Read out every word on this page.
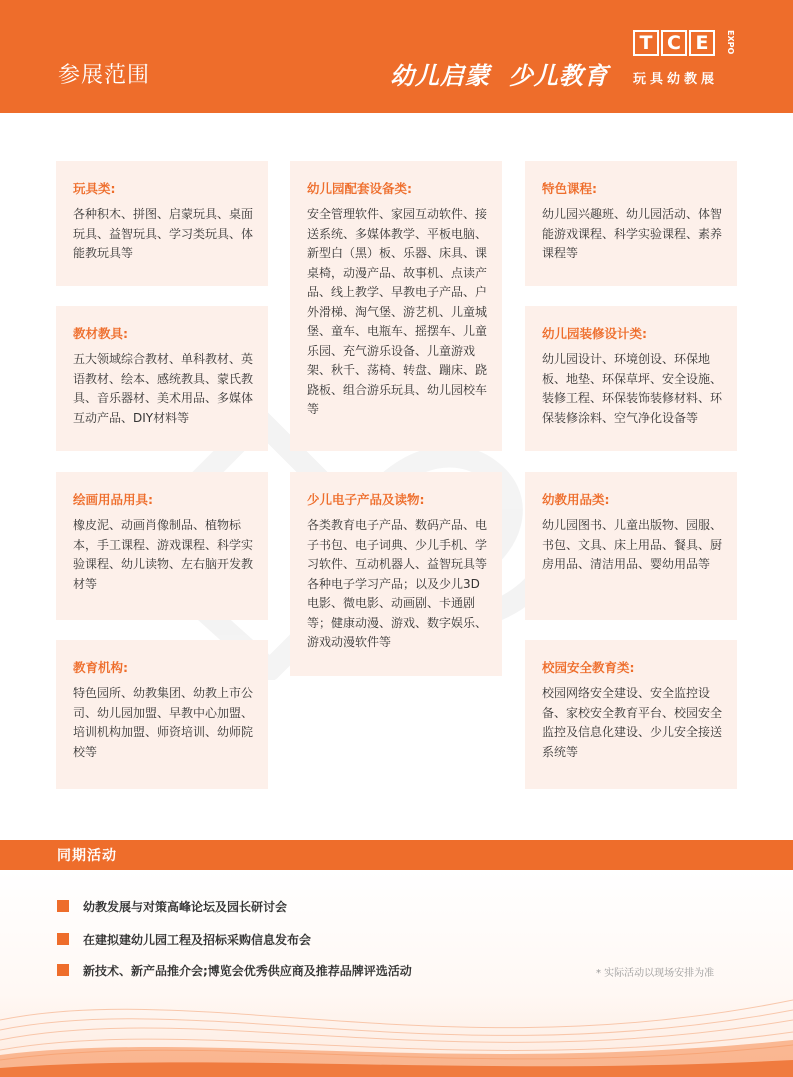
参展范围	幼儿启蒙  少儿教育
T C E	EXPO
玩具幼教展
玩具类:
各种积木、拼图、启蒙玩具、桌面玩具、益智玩具、学习类玩具、体能教玩具等
教材教具:
五大领域综合教材、单科教材、英语教材、绘本、感统教具、蒙氏教具、音乐器材、美术用品、多媒体互动产品、DIY材料等
绘画用品用具:
橡皮泥、动画肖像制品、植物标本，手工课程、游戏课程、科学实验课程、幼儿读物、左右脑开发教材等
教育机构:
特色园所、幼教集团、幼教上市公司、幼儿园加盟、早教中心加盟、培训机构加盟、师资培训、幼师院校等
幼儿园配套设备类:
安全管理软件、家园互动软件、接送系统、多媒体教学、平板电脑、新型白（黑）板、乐器、床具、课桌椅，动漫产品、故事机、点读产品、线上教学、早教电子产品、户外滑梯、淘气堡、游艺机、儿童城堡、童车、电瓶车、摇摆车、儿童乐园、充气游乐设备、儿童游戏架、秋千、荡椅、转盘、蹦床、跷跷板、组合游乐玩具、幼儿园校车等
少儿电子产品及读物:
各类教育电子产品、数码产品、电子书包、电子词典、少儿手机、学习软件、互动机器人、益智玩具等各种电子学习产品；以及少儿3D电影、微电影、动画剧、卡通剧等；健康动漫、游戏、数字娱乐、游戏动漫软件等
特色课程:
幼儿园兴趣班、幼儿园活动、体智能游戏课程、科学实验课程、素养课程等
幼儿园装修设计类:
幼儿园设计、环境创设、环保地板、地垫、环保草坪、安全设施、装修工程、环保装饰装修材料、环保装修涂料、空气净化设备等
幼教用品类:
幼儿园图书、儿童出版物、园服、书包、文具、床上用品、餐具、厨房用品、清洁用品、婴幼用品等
校园安全教育类:
校园网络安全建设、安全监控设备、家校安全教育平台、校园安全监控及信息化建设、少儿安全接送系统等
同期活动
幼教发展与对策高峰论坛及园长研讨会
在建拟建幼儿园工程及招标采购信息发布会
新技术、新产品推介会;博览会优秀供应商及推荐品牌评选活动	* 实际活动以现场安排为准
